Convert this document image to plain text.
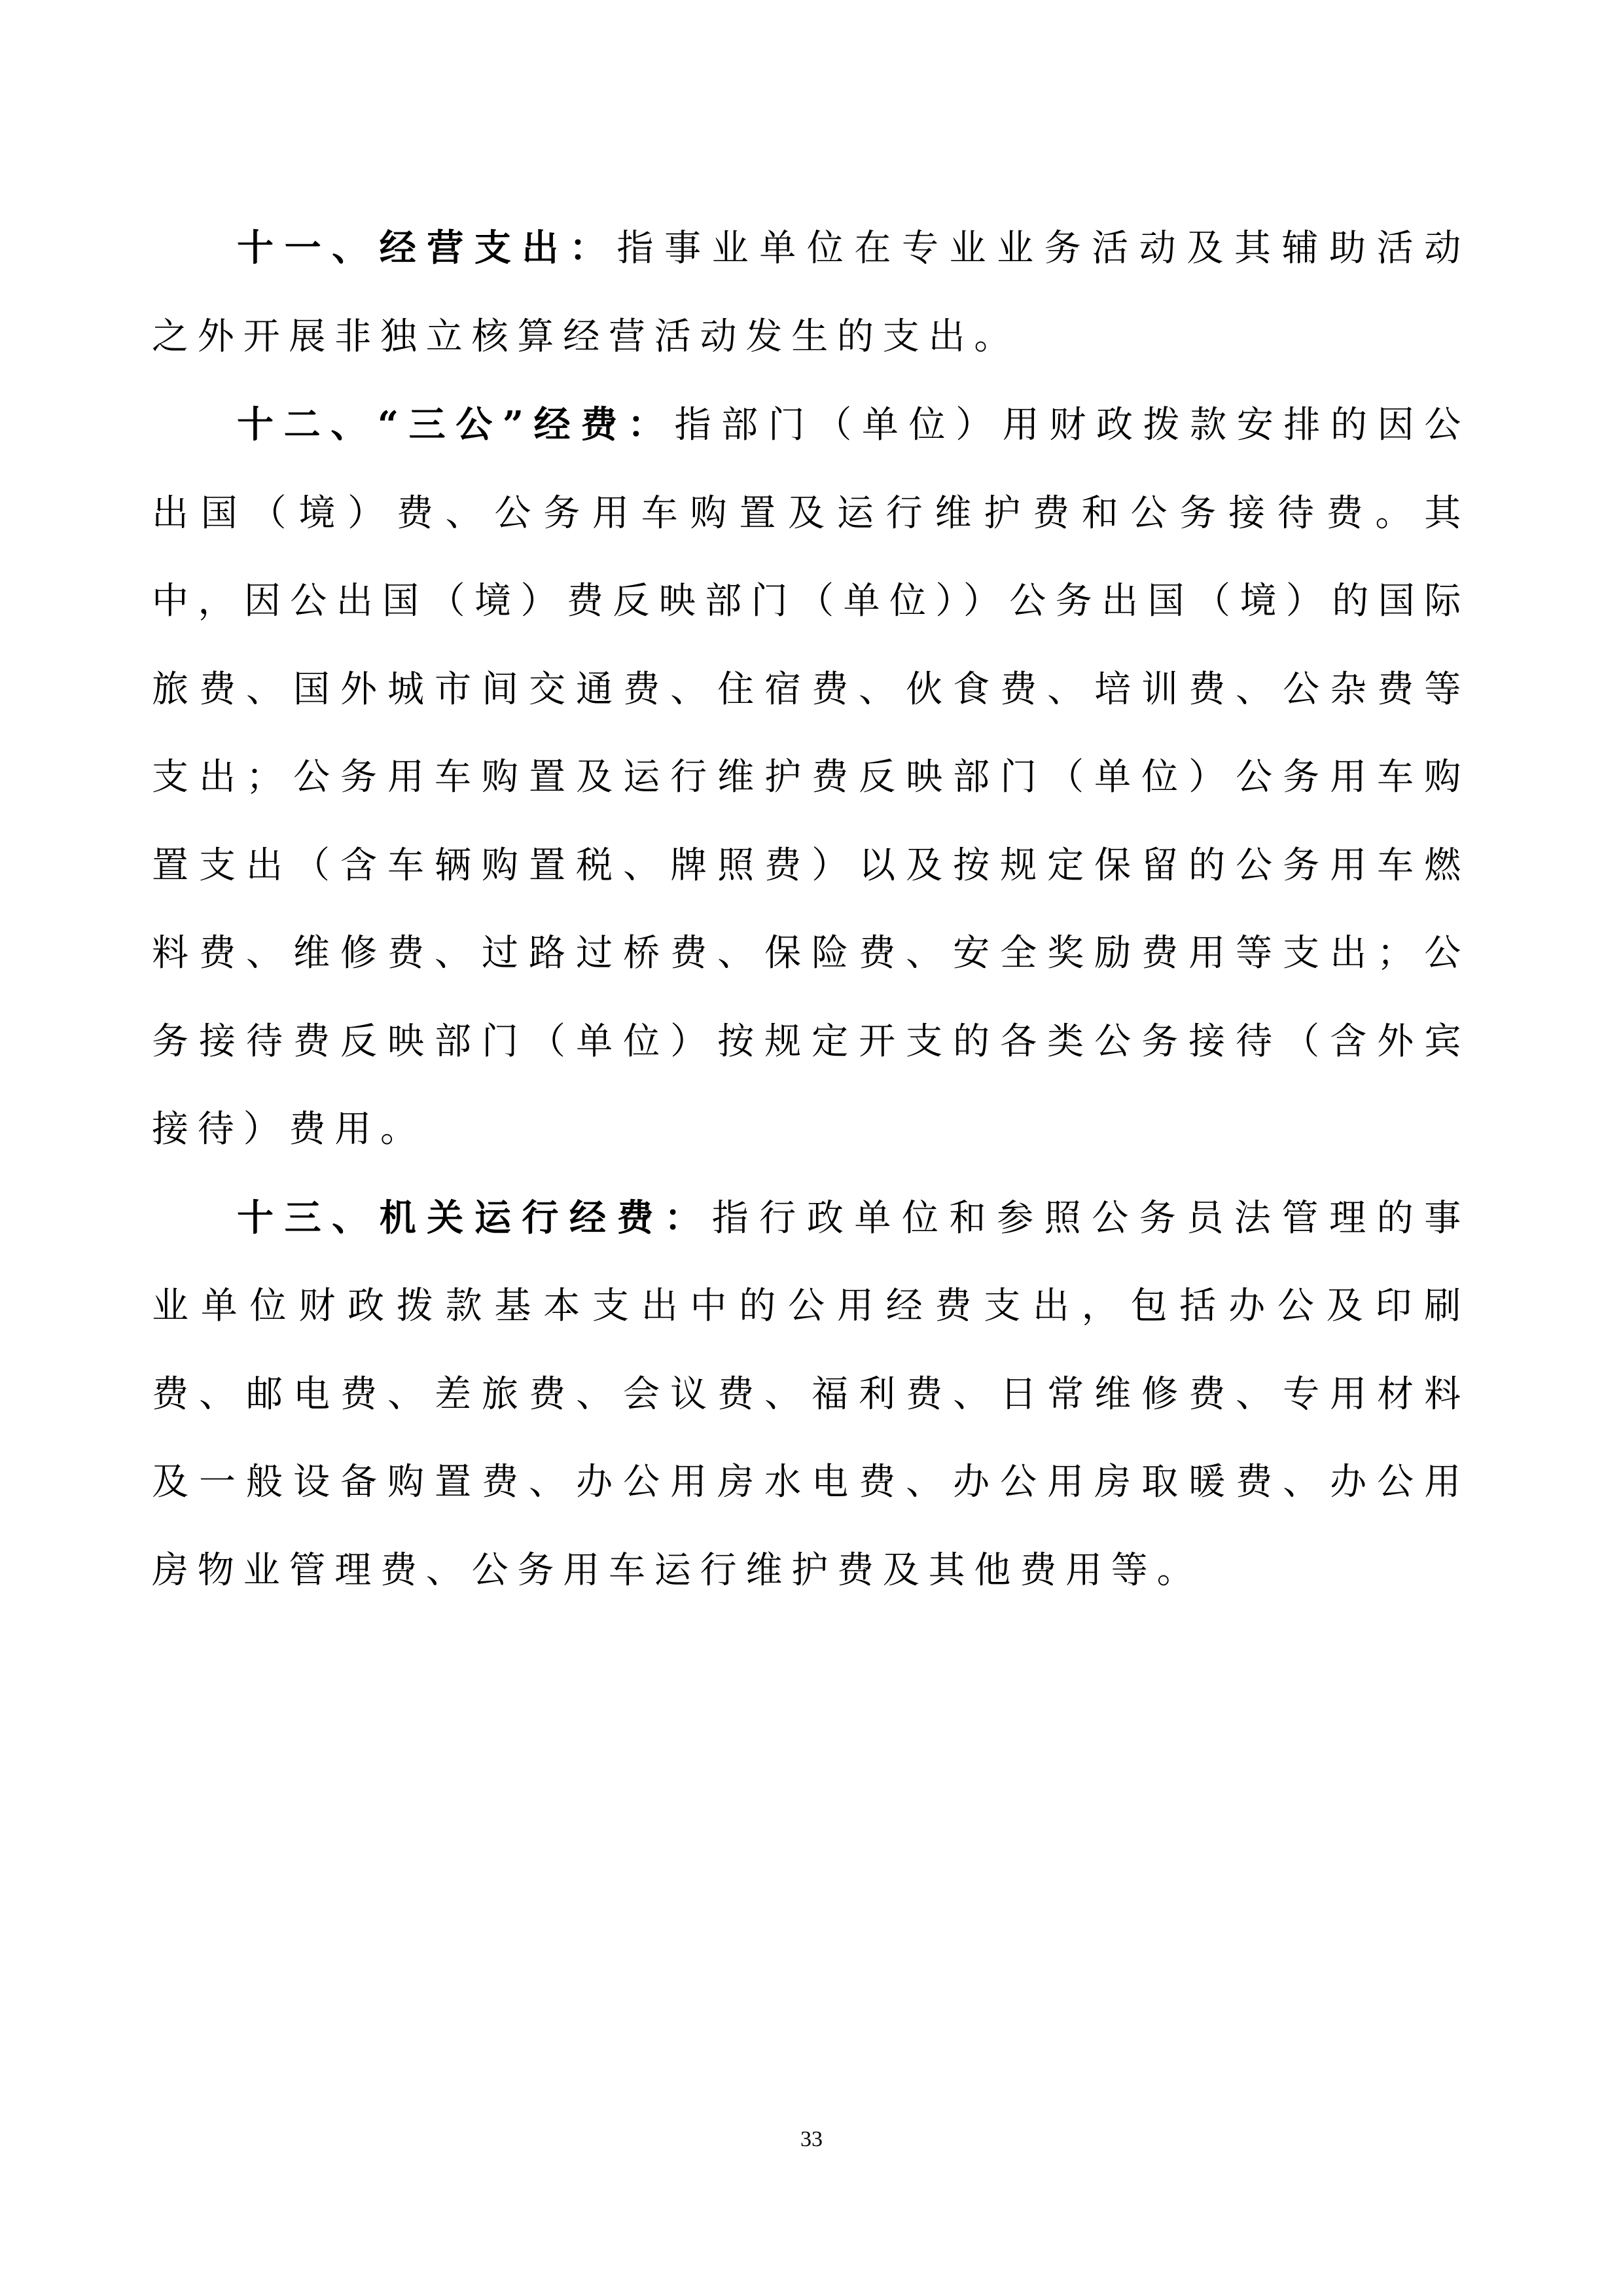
十一、经营支出：指事业单位在专业业务活动及其辅助活动之外开展非独立核算经营活动发生的支出。

十二、“三公”经费：指部门（单位）用财政拨款安排的因公出国（境）费、公务用车购置及运行维护费和公务接待费。其中，因公出国（境）费反映部门（单位））公务出国（境）的国际旅费、国外城市间交通费、住宿费、伙食费、培训费、公杂费等支出；公务用车购置及运行维护费反映部门（单位）公务用车购置支出（含车辆购置税、牌照费）以及按规定保留的公务用车燃料费、维修费、过路过桥费、保险费、安全奖励费用等支出；公务接待费反映部门（单位）按规定开支的各类公务接待（含外宾接待）费用。

十三、机关运行经费：指行政单位和参照公务员法管理的事业单位财政拨款基本支出中的公用经费支出，包括办公及印刷费、邮电费、差旅费、会议费、福利费、日常维修费、专用材料及一般设备购置费、办公用房水电费、办公用房取暖费、办公用房物业管理费、公务用车运行维护费及其他费用等。

33
